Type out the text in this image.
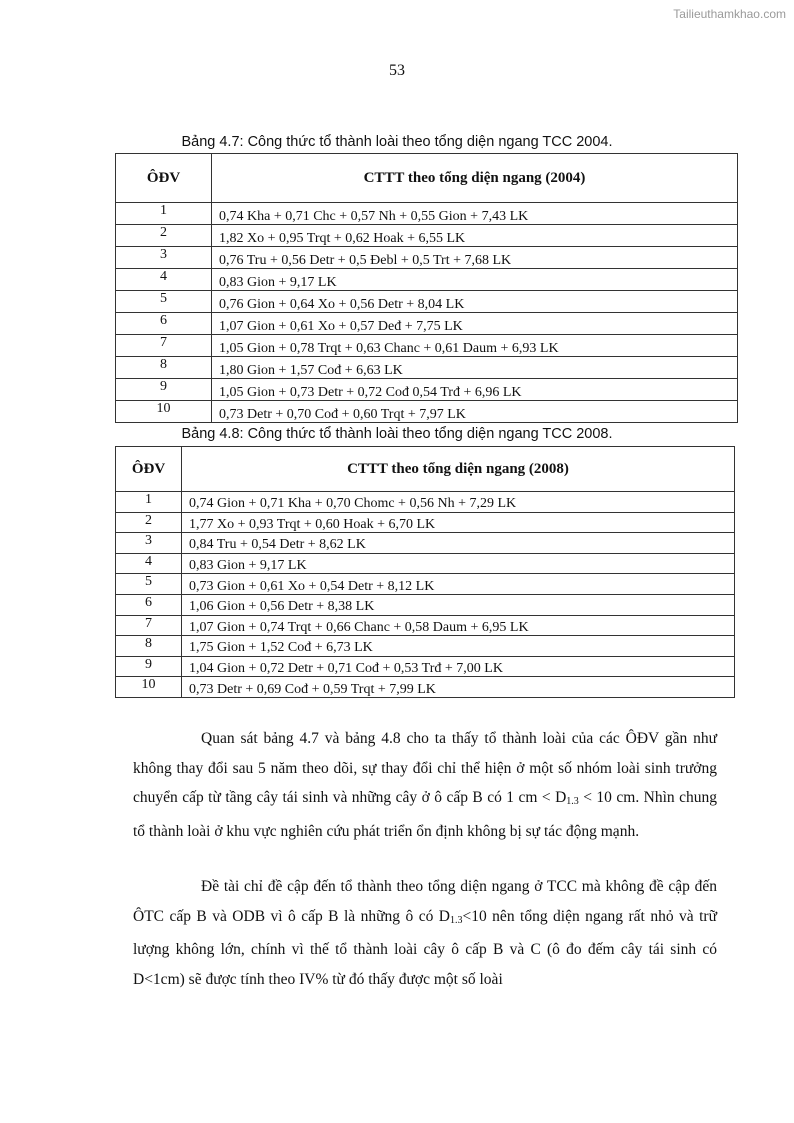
Tailieuthamkhao.com
53
Bảng 4.7: Công thức tổ thành loài theo tổng diện ngang TCC 2004.
ÔĐV	CTTT theo tổng diện ngang (2004)
1	0,74 Kha + 0,71 Chc + 0,57 Nh + 0,55 Gion + 7,43 LK
2	1,82 Xo + 0,95 Trqt + 0,62 Hoak + 6,55 LK
3	0,76 Tru + 0,56 Detr + 0,5 Đebl + 0,5 Trt + 7,68 LK
4	0,83 Gion + 9,17 LK
5	0,76 Gion + 0,64 Xo + 0,56 Detr + 8,04 LK
6	1,07 Gion + 0,61 Xo + 0,57 Deđ + 7,75 LK
7	1,05 Gion + 0,78 Trqt + 0,63 Chanc + 0,61 Daum + 6,93 LK
8	1,80 Gion + 1,57 Cođ + 6,63 LK
9	1,05 Gion + 0,73 Detr + 0,72 Cođ 0,54 Trđ + 6,96 LK
10	0,73 Detr + 0,70 Cođ + 0,60 Trqt + 7,97 LK
Bảng 4.8: Công thức tổ thành loài theo tổng diện ngang TCC 2008.
ÔĐV	CTTT theo tổng diện ngang (2008)
1	0,74 Gion + 0,71 Kha + 0,70 Chomc + 0,56 Nh + 7,29 LK
2	1,77 Xo + 0,93 Trqt + 0,60 Hoak + 6,70 LK
3	0,84 Tru + 0,54 Detr + 8,62 LK
4	0,83 Gion + 9,17 LK
5	0,73 Gion + 0,61 Xo + 0,54 Detr + 8,12 LK
6	1,06 Gion + 0,56 Detr + 8,38 LK
7	1,07 Gion + 0,74 Trqt + 0,66 Chanc + 0,58 Daum + 6,95 LK
8	1,75 Gion + 1,52 Cođ + 6,73 LK
9	1,04 Gion + 0,72 Detr + 0,71 Cođ + 0,53 Trđ + 7,00 LK
10	0,73 Detr + 0,69 Cođ + 0,59 Trqt + 7,99 LK

Quan sát bảng 4.7 và bảng 4.8 cho ta thấy tổ thành loài của các ÔĐV gần như không thay đổi sau 5 năm theo dõi, sự thay đổi chỉ thể hiện ở một số nhóm loài sinh trưởng chuyển cấp từ tầng cây tái sinh và những cây ở ô cấp B có 1 cm < $D_{1.3} < 10$ cm. Nhìn chung tổ thành loài ở khu vực nghiên cứu phát triển ổn định không bị sự tác động mạnh.

Đề tài chỉ đề cập đến tổ thành theo tổng diện ngang ở TCC mà không đề cập đến ÔTC cấp B và ODB vì ô cấp B là những ô có $D_{1.3}<10$ nên tổng diện ngang rất nhỏ và trữ lượng không lớn, chính vì thế tổ thành loài cây ô cấp B và C (ô đo đếm cây tái sinh có D<1cm) sẽ được tính theo IV% từ đó thấy được một số loài
